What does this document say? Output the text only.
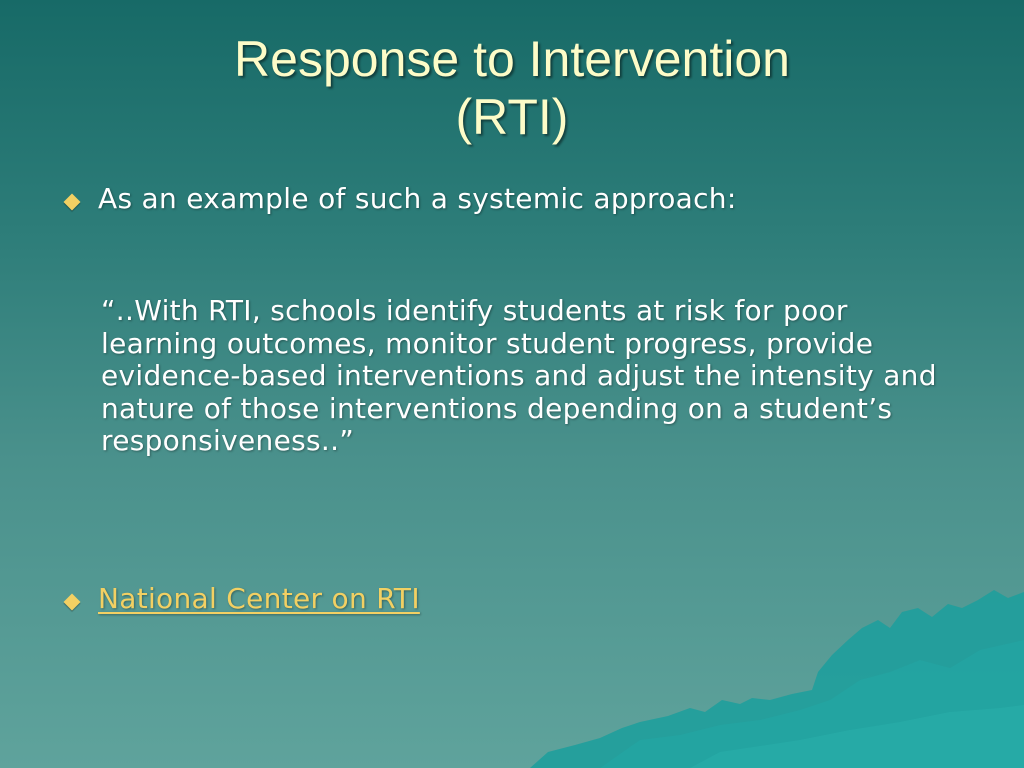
Response to Intervention
(RTI)
As an example of such a systemic approach:
“..With RTI, schools identify students at risk for poor learning outcomes, monitor student progress, provide evidence-based interventions and adjust the intensity and nature of those interventions depending on a student’s responsiveness..”
National Center on RTI
